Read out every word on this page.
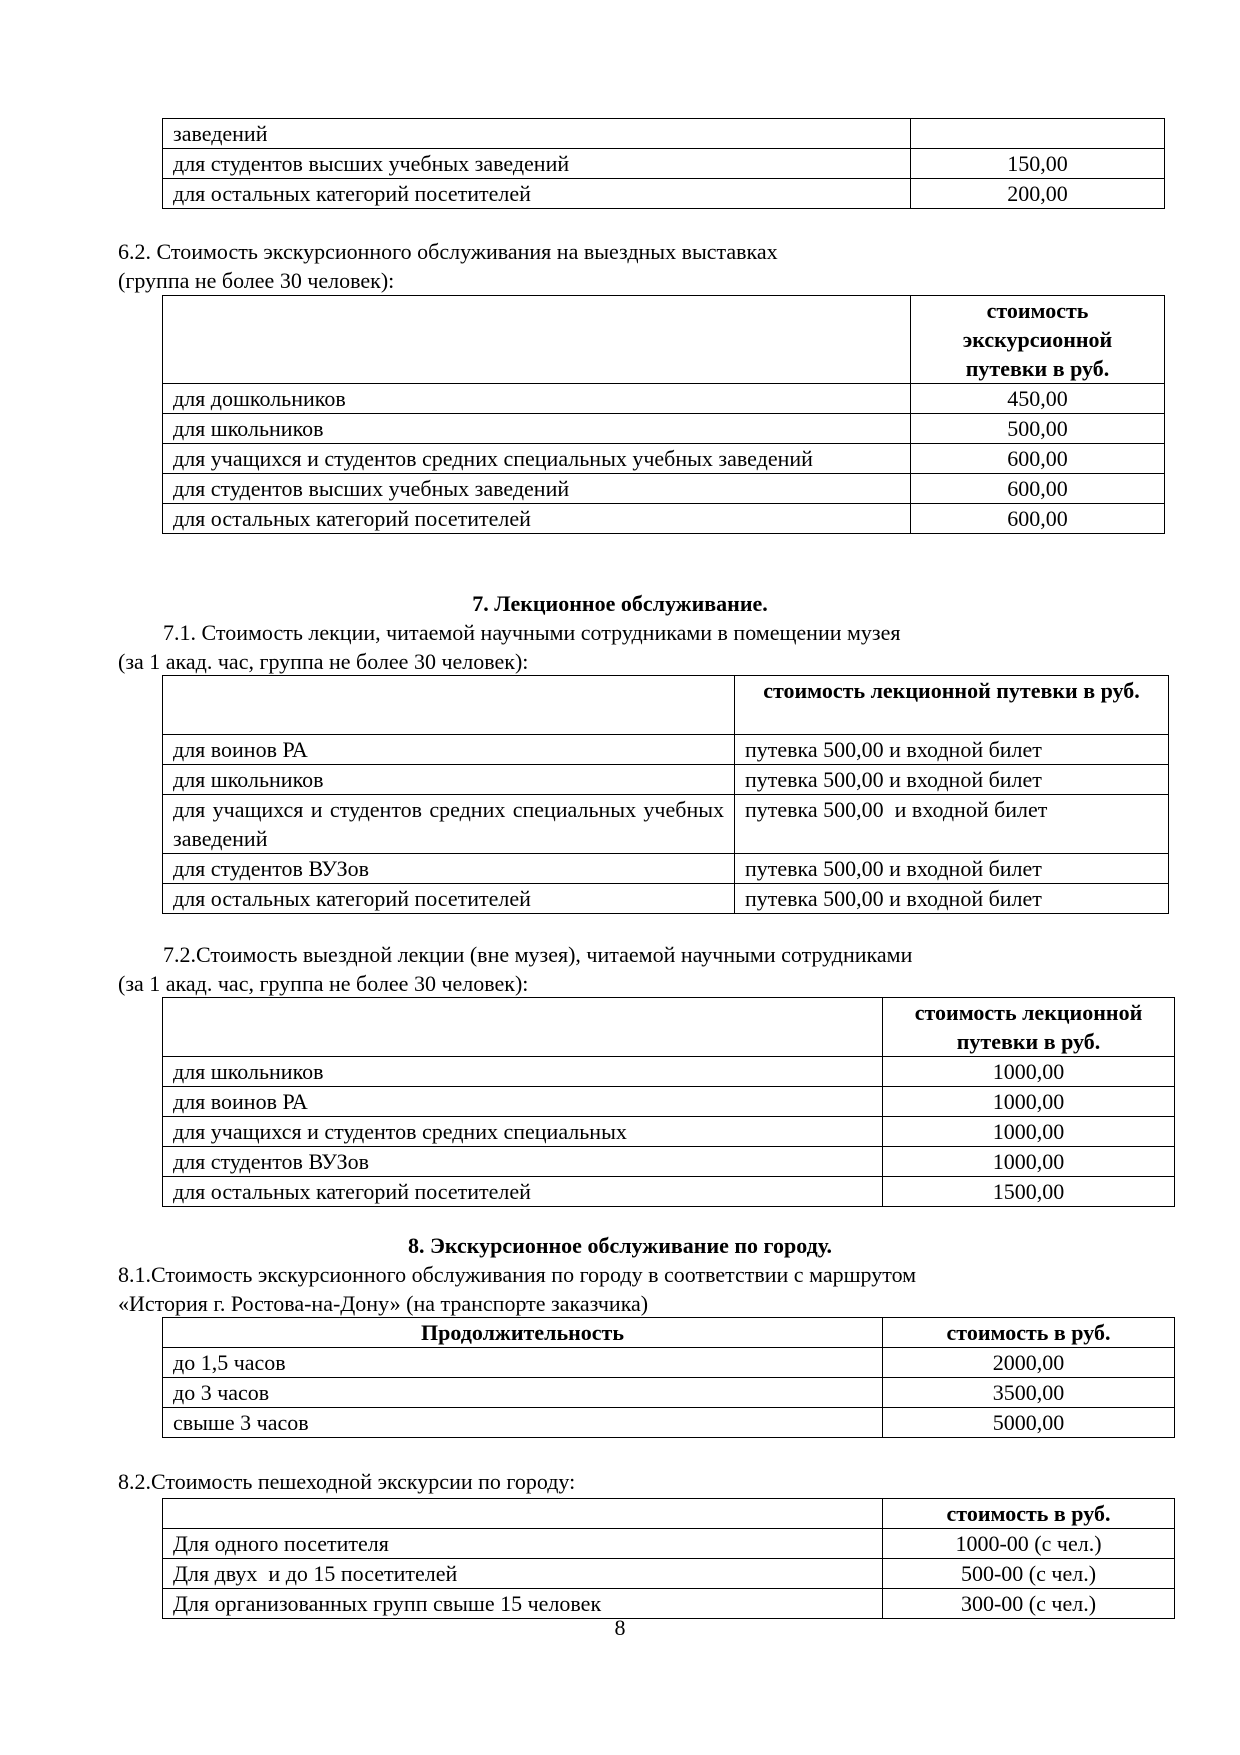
заведений	
для студентов высших учебных заведений	150,00
для остальных категорий посетителей	200,00
6.2. Стоимость экскурсионного обслуживания на выездных выставках
(группа не более 30 человек):
	стоимость экскурсионной путевки в руб.
для дошкольников	450,00
для школьников	500,00
для учащихся и студентов средних специальных учебных заведений	600,00
для студентов высших учебных заведений	600,00
для остальных категорий посетителей	600,00
7. Лекционное обслуживание.
7.1. Стоимость лекции, читаемой научными сотрудниками в помещении музея
(за 1 акад. час, группа не более 30 человек):
	стоимость лекционной путевки в руб.
для воинов РА	путевка 500,00 и входной билет
для школьников	путевка 500,00 и входной билет
для учащихся и студентов средних специальных учебных заведений	путевка 500,00  и входной билет
для студентов ВУЗов	путевка 500,00 и входной билет
для остальных категорий посетителей	путевка 500,00 и входной билет
7.2.Стоимость выездной лекции (вне музея), читаемой научными сотрудниками
(за 1 акад. час, группа не более 30 человек):
	стоимость лекционной путевки в руб.
для школьников	1000,00
для воинов РА	1000,00
для учащихся и студентов средних специальных	1000,00
для студентов ВУЗов	1000,00
для остальных категорий посетителей	1500,00
8. Экскурсионное обслуживание по городу.
8.1.Стоимость экскурсионного обслуживания по городу в соответствии с маршрутом
«История г. Ростова-на-Дону» (на транспорте заказчика)
Продолжительность	стоимость в руб.
до 1,5 часов	2000,00
до 3 часов	3500,00
свыше 3 часов	5000,00
8.2.Стоимость пешеходной экскурсии по городу:
	стоимость в руб.
Для одного посетителя	1000-00 (с чел.)
Для двух  и до 15 посетителей	500-00 (с чел.)
Для организованных групп свыше 15 человек	300-00 (с чел.)
8
